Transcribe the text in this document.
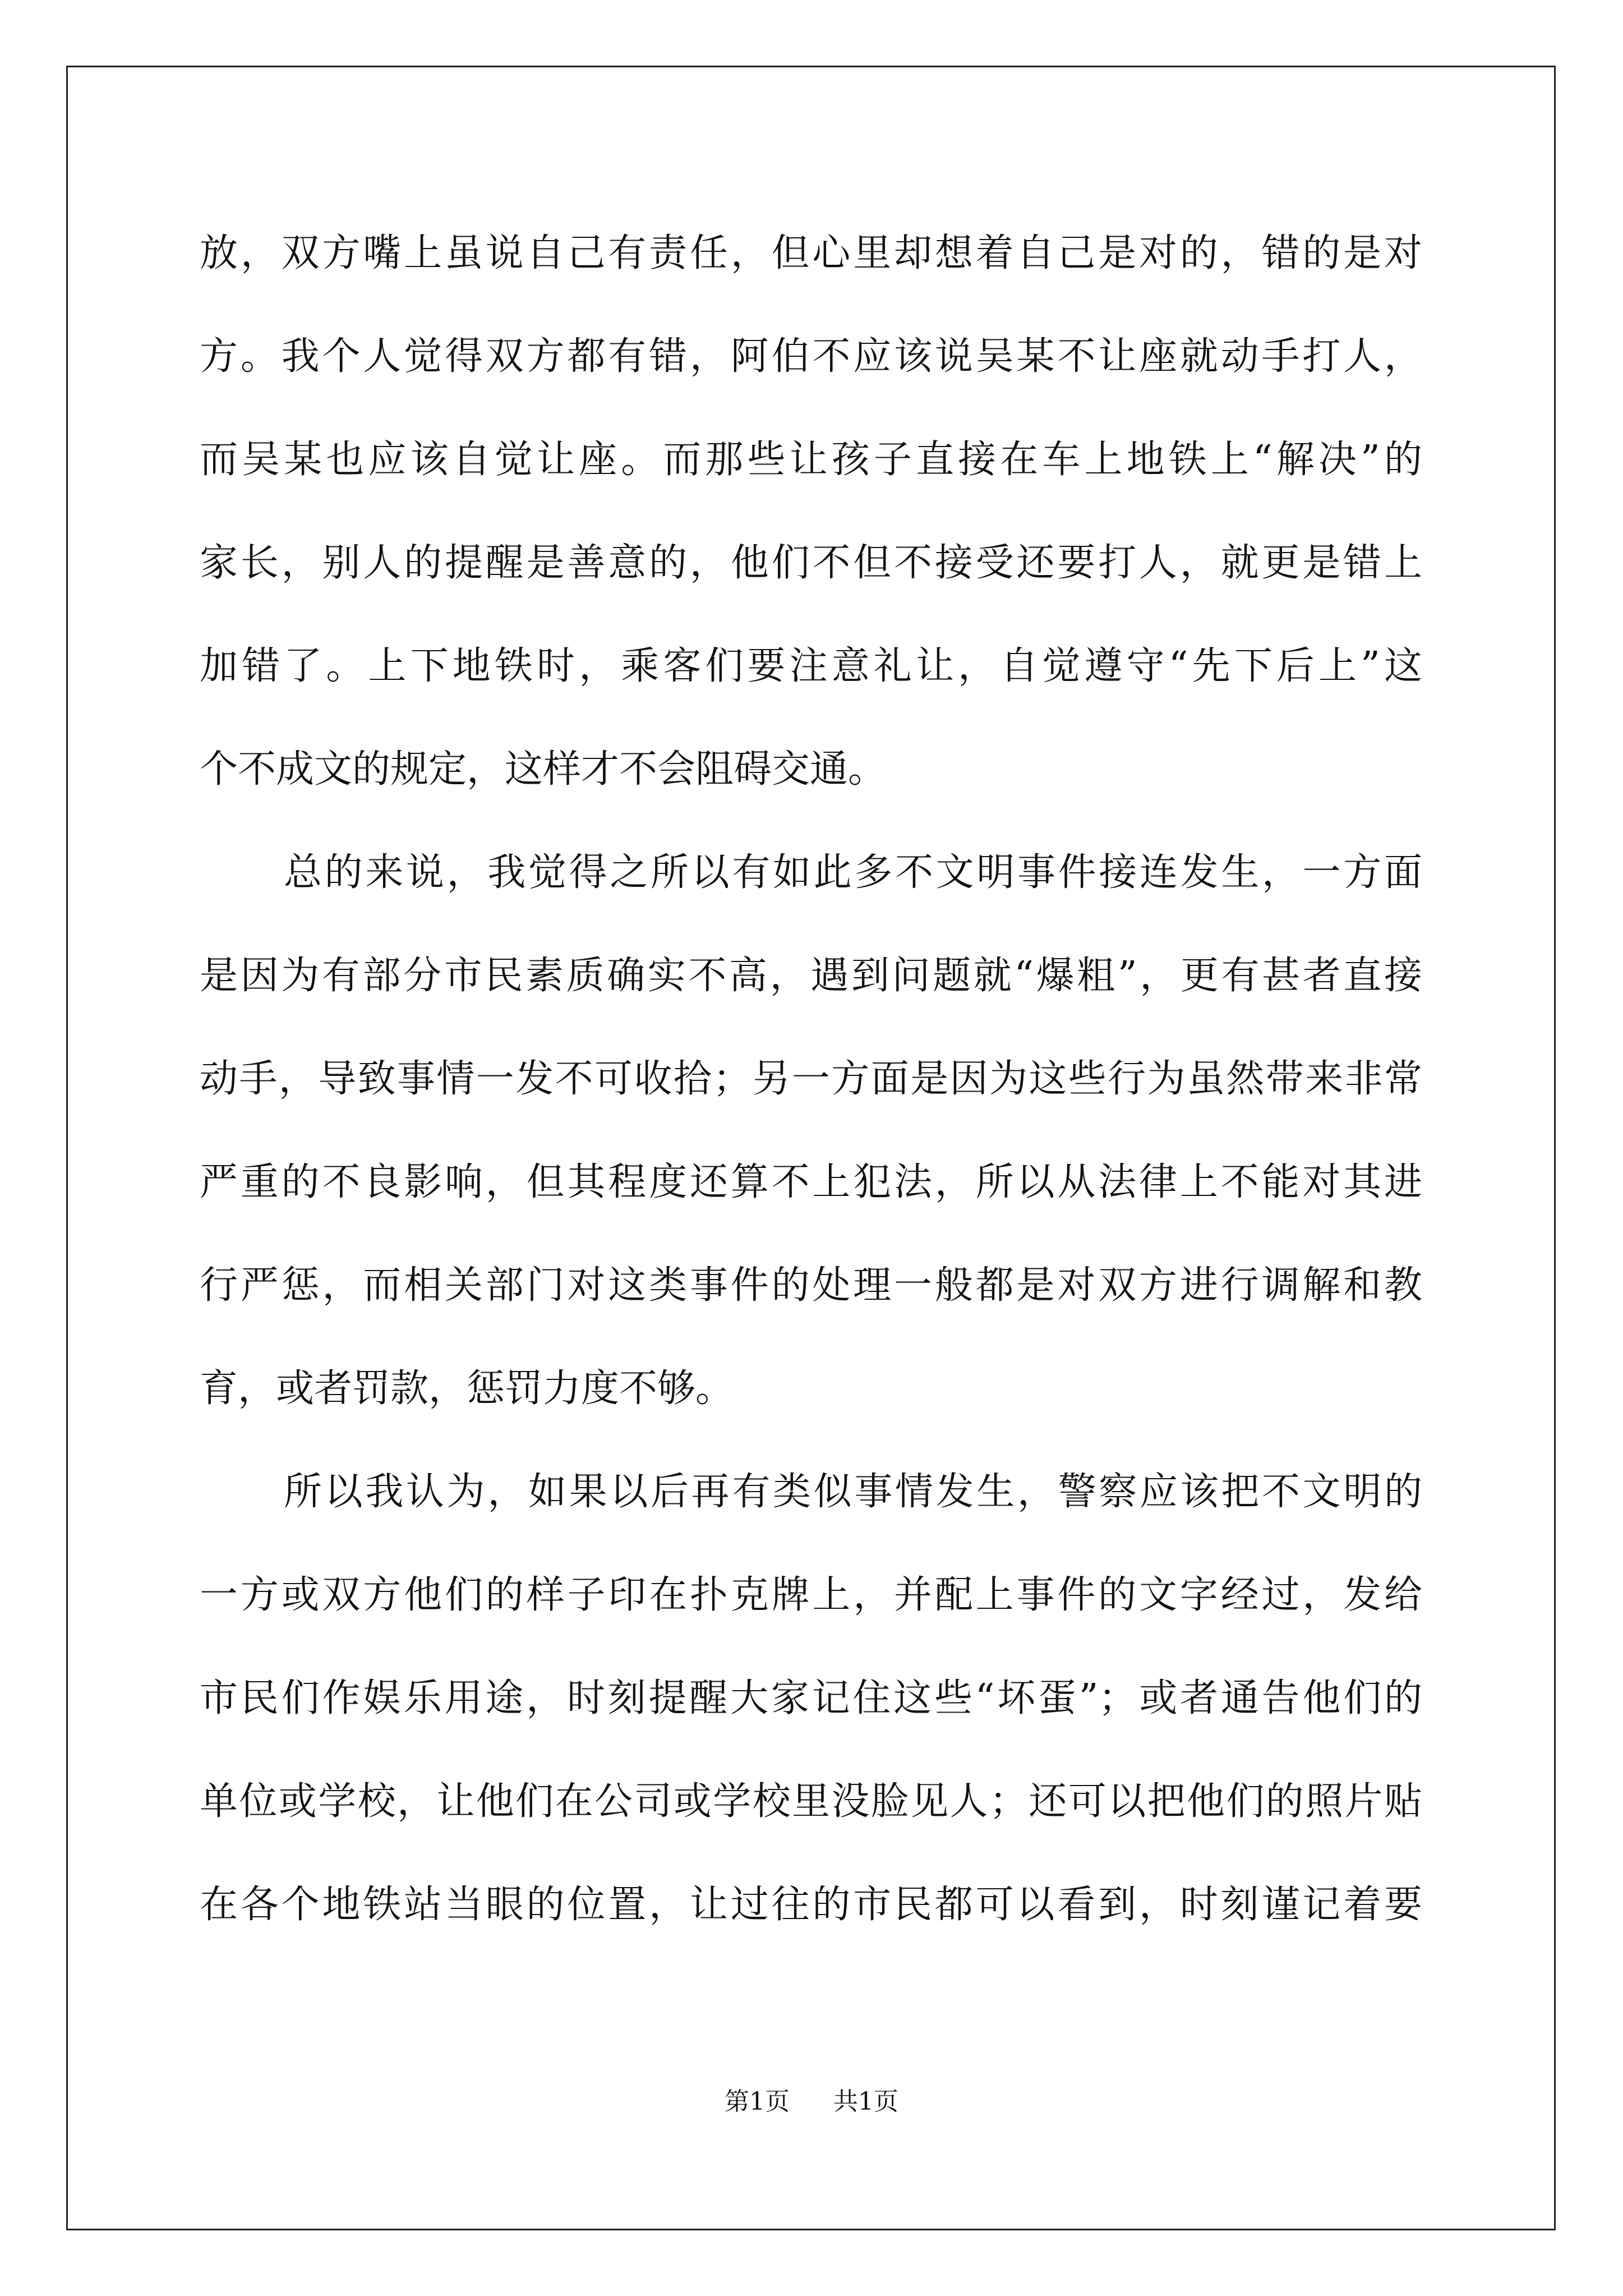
放，双方嘴上虽说自己有责任，但心里却想着自己是对的，错的是对
方。我个人觉得双方都有错，阿伯不应该说吴某不让座就动手打人，
而吴某也应该自觉让座。而那些让孩子直接在车上地铁上“解决”的
家长，别人的提醒是善意的，他们不但不接受还要打人，就更是错上
加错了。上下地铁时，乘客们要注意礼让，自觉遵守“先下后上”这
个不成文的规定，这样才不会阻碍交通。
总的来说，我觉得之所以有如此多不文明事件接连发生，一方面
是因为有部分市民素质确实不高，遇到问题就“爆粗”，更有甚者直接
动手，导致事情一发不可收拾；另一方面是因为这些行为虽然带来非常
严重的不良影响，但其程度还算不上犯法，所以从法律上不能对其进
行严惩，而相关部门对这类事件的处理一般都是对双方进行调解和教
育，或者罚款，惩罚力度不够。
所以我认为，如果以后再有类似事情发生，警察应该把不文明的
一方或双方他们的样子印在扑克牌上，并配上事件的文字经过，发给
市民们作娱乐用途，时刻提醒大家记住这些“坏蛋”；或者通告他们的
单位或学校，让他们在公司或学校里没脸见人；还可以把他们的照片贴
在各个地铁站当眼的位置，让过往的市民都可以看到，时刻谨记着要
第1页 共1页
